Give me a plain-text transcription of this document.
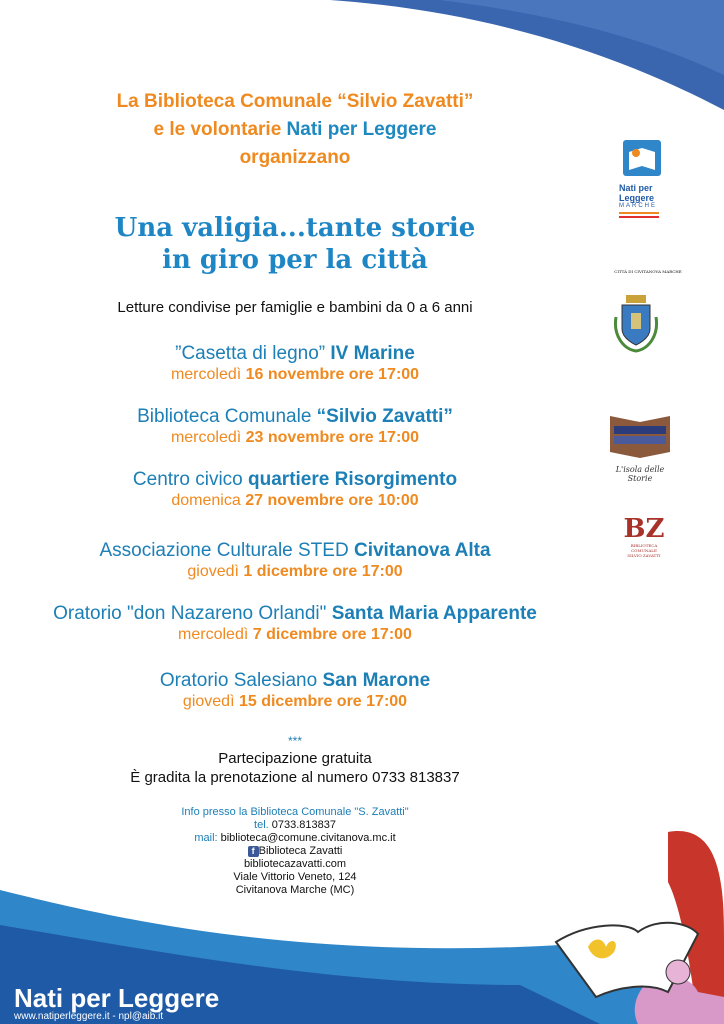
La Biblioteca Comunale “Silvio Zavatti”
e le volontarie Nati per Leggere
organizzano
Una valigia...tante storie
in giro per la città
Letture condivise per famiglie e bambini da 0 a 6 anni
”Casetta di legno” IV Marine
mercoledì 16 novembre ore 17:00
Biblioteca Comunale “Silvio Zavatti”
mercoledì 23 novembre ore 17:00
Centro civico quartiere Risorgimento
domenica 27 novembre ore 10:00
Associazione Culturale STED Civitanova Alta
giovedì 1 dicembre ore 17:00
Oratorio "don Nazareno Orlandi" Santa Maria Apparente
mercoledì 7 dicembre ore 17:00
Oratorio Salesiano San Marone
giovedì 15 dicembre ore 17:00
***
Partecipazione gratuita
È gradita la prenotazione al numero 0733 813837
Info presso la Biblioteca Comunale "S. Zavatti"
tel. 0733.813837
mail: biblioteca@comune.civitanova.mc.it
f Biblioteca Zavatti
bibliotecazavatti.com
Viale Vittorio Veneto, 124
Civitanova Marche (MC)
Nati per
Leggere
MARCHE
CITTÀ DI CIVITANOVA MARCHE
L'isola delle Storie
BZ
BIBLIOTECA COMUNALE
SILVIO ZAVATTI
Nati per Leggere
www.natiperleggere.it - npl@aib.it
